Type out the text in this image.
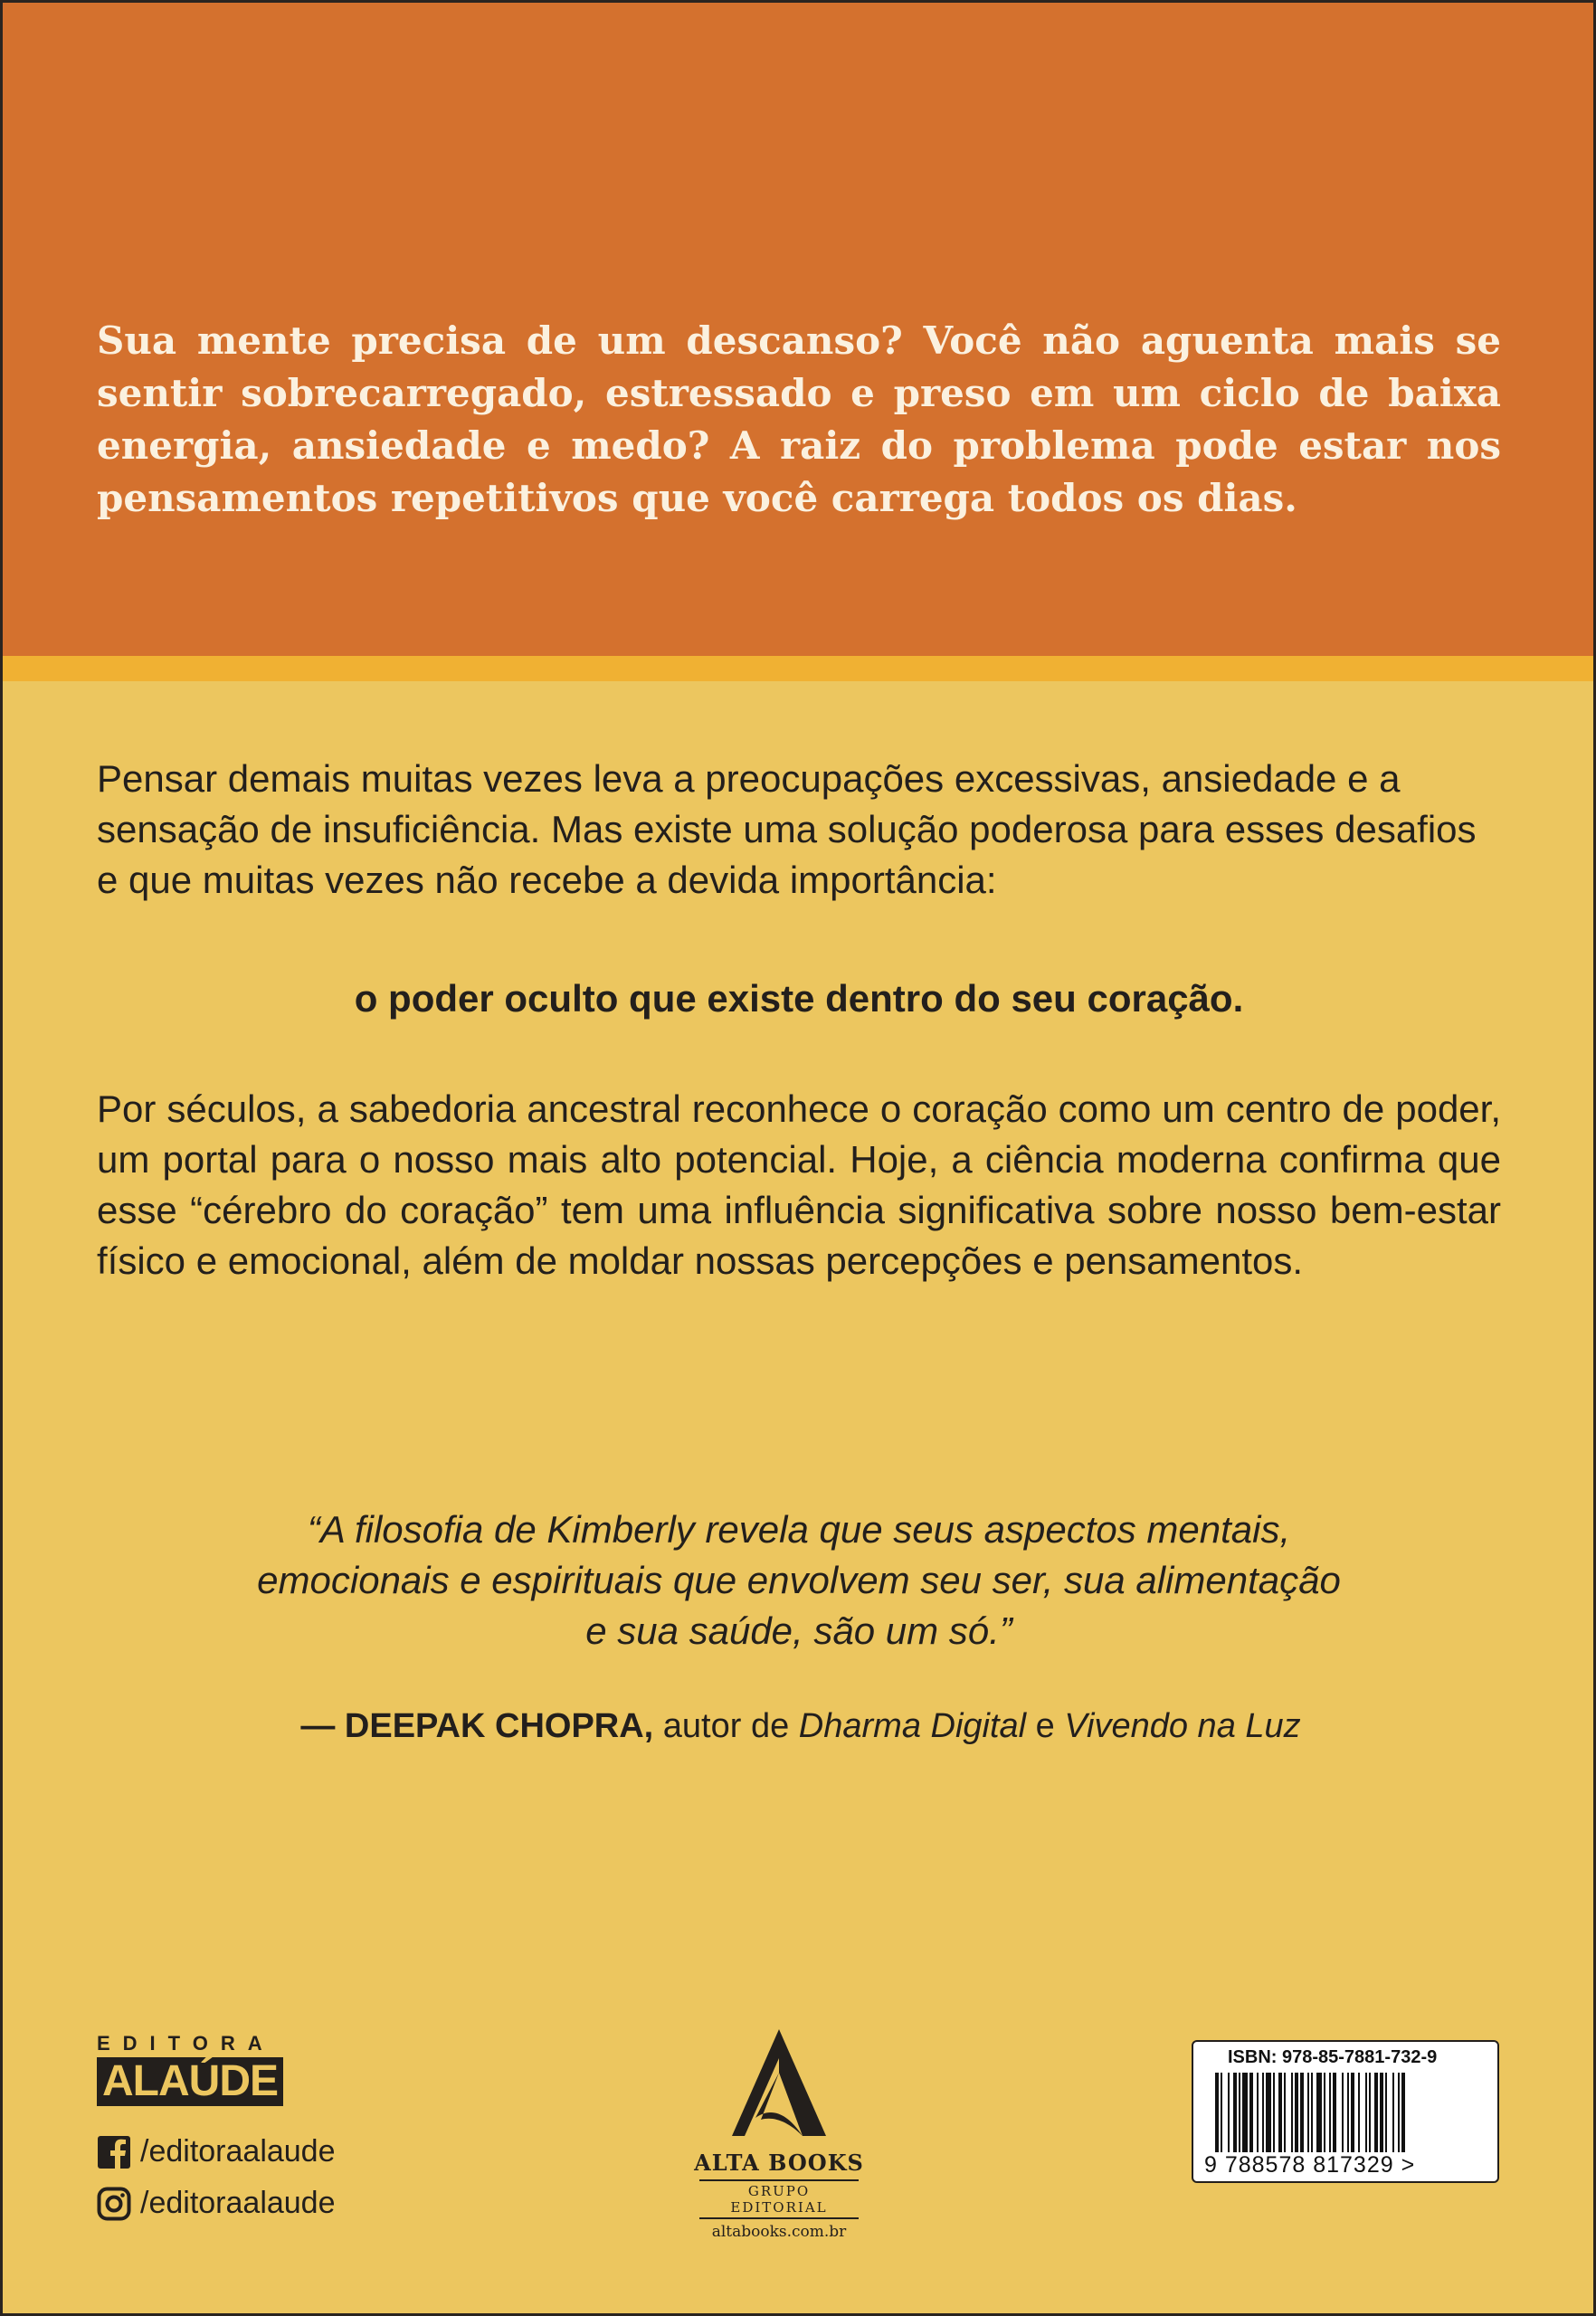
Sua mente precisa de um descanso? Você não aguenta mais se sentir sobrecarregado, estressado e preso em um ciclo de baixa energia, ansiedade e medo? A raiz do problema pode estar nos pensamentos repetitivos que você carrega todos os dias.

Pensar demais muitas vezes leva a preocupações excessivas, ansiedade e a sensação de insuficiência. Mas existe uma solução poderosa para esses desafios e que muitas vezes não recebe a devida importância:

o poder oculto que existe dentro do seu coração.

Por séculos, a sabedoria ancestral reconhece o coração como um centro de poder, um portal para o nosso mais alto potencial. Hoje, a ciência moderna confirma que esse “cérebro do coração” tem uma influência significativa sobre nosso bem-estar físico e emocional, além de moldar nossas percepções e pensamentos.

“A filosofia de Kimberly revela que seus aspectos mentais, emocionais e espirituais que envolvem seu ser, sua alimentação e sua saúde, são um só.”

— DEEPAK CHOPRA, autor de Dharma Digital e Vivendo na Luz

EDITORA
ALAÚDE
/editoraalaude
/editoraalaude
ALTA BOOKS
GRUPO EDITORIAL
altabooks.com.br
ISBN: 978-85-7881-732-9
9 788578 817329 >
